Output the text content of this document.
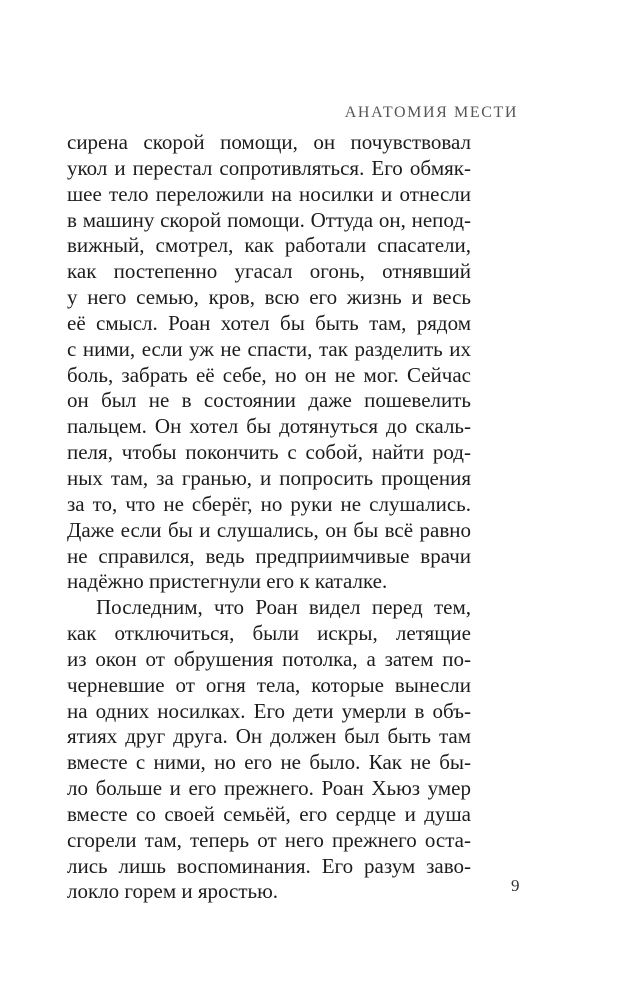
АНАТОМИЯ МЕСТИ
сирена скорой помощи, он почувствовал
укол и перестал сопротивляться. Его обмяк-
шее тело переложили на носилки и отнесли
в машину скорой помощи. Оттуда он, непод-
вижный, смотрел, как работали спасатели,
как постепенно угасал огонь, отнявший
у него семью, кров, всю его жизнь и весь
её смысл. Роан хотел бы быть там, рядом
с ними, если уж не спасти, так разделить их
боль, забрать её себе, но он не мог. Сейчас
он был не в состоянии даже пошевелить
пальцем. Он хотел бы дотянуться до скаль-
пеля, чтобы покончить с собой, найти род-
ных там, за гранью, и попросить прощения
за то, что не сберёг, но руки не слушались.
Даже если бы и слушались, он бы всё равно
не справился, ведь предприимчивые врачи
надёжно пристегнули его к каталке.
Последним, что Роан видел перед тем,
как отключиться, были искры, летящие
из окон от обрушения потолка, а затем по-
черневшие от огня тела, которые вынесли
на одних носилках. Его дети умерли в объ-
ятиях друг друга. Он должен был быть там
вместе с ними, но его не было. Как не бы-
ло больше и его прежнего. Роан Хьюз умер
вместе со своей семьёй, его сердце и душа
сгорели там, теперь от него прежнего оста-
лись лишь воспоминания. Его разум заво-
локло горем и яростью.	9
